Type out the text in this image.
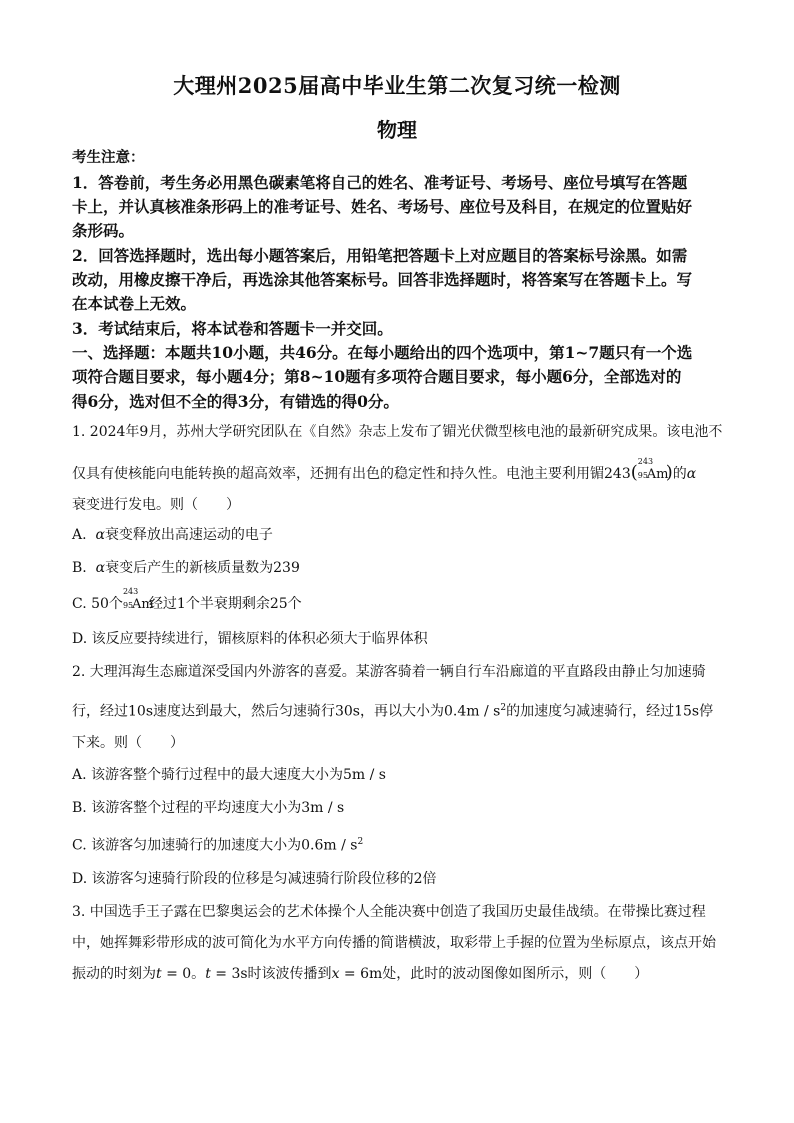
大理州2025届高中毕业生第二次复习统一检测
物理
考生注意：
1．答卷前，考生务必用黑色碳素笔将自己的姓名、准考证号、考场号、座位号填写在答题
卡上，并认真核准条形码上的准考证号、姓名、考场号、座位号及科目，在规定的位置贴好
条形码。
2．回答选择题时，选出每小题答案后，用铅笔把答题卡上对应题目的答案标号涂黑。如需
改动，用橡皮擦干净后，再选涂其他答案标号。回答非选择题时，将答案写在答题卡上。写
在本试卷上无效。
3．考试结束后，将本试卷和答题卡一并交回。
一、选择题：本题共10小题，共46分。在每小题给出的四个选项中，第1~7题只有一个选
项符合题目要求，每小题4分；第8~10题有多项符合题目要求，每小题6分，全部选对的
得6分，选对但不全的得3分，有错选的得0分。
1. 2024年9月，苏州大学研究团队在《自然》杂志上发布了镅光伏微型核电池的最新研究成果。该电池不
仅具有使核能向电能转换的超高效率，还拥有出色的稳定性和持久性。电池主要利用镅243(
243
95
Am
)的α
衰变进行发电。则（　　）
A. α衰变释放出高速运动的电子
B. α衰变后产生的新核质量数为239
C. 50个
243
95
Am
经过1个半衰期剩余25个
D. 该反应要持续进行，镅核原料的体积必须大于临界体积
2. 大理洱海生态廊道深受国内外游客的喜爱。某游客骑着一辆自行车沿廊道的平直路段由静止匀加速骑
行，经过10s速度达到最大，然后匀速骑行30s，再以大小为$0.4m / s^2$的加速度匀减速骑行，经过15s停
下来。则（　　）
A. 该游客整个骑行过程中的最大速度大小为5m / s
B. 该游客整个过程的平均速度大小为3m / s
C. 该游客匀加速骑行的加速度大小为$0.6m / s^2$
D. 该游客匀速骑行阶段的位移是匀减速骑行阶段位移的2倍
3. 中国选手王子露在巴黎奥运会的艺术体操个人全能决赛中创造了我国历史最佳战绩。在带操比赛过程
中，她挥舞彩带形成的波可简化为水平方向传播的简谐横波，取彩带上手握的位置为坐标原点，该点开始
振动的时刻为t = 0。t = 3s时该波传播到x = 6m处，此时的波动图像如图所示，则（　　）
